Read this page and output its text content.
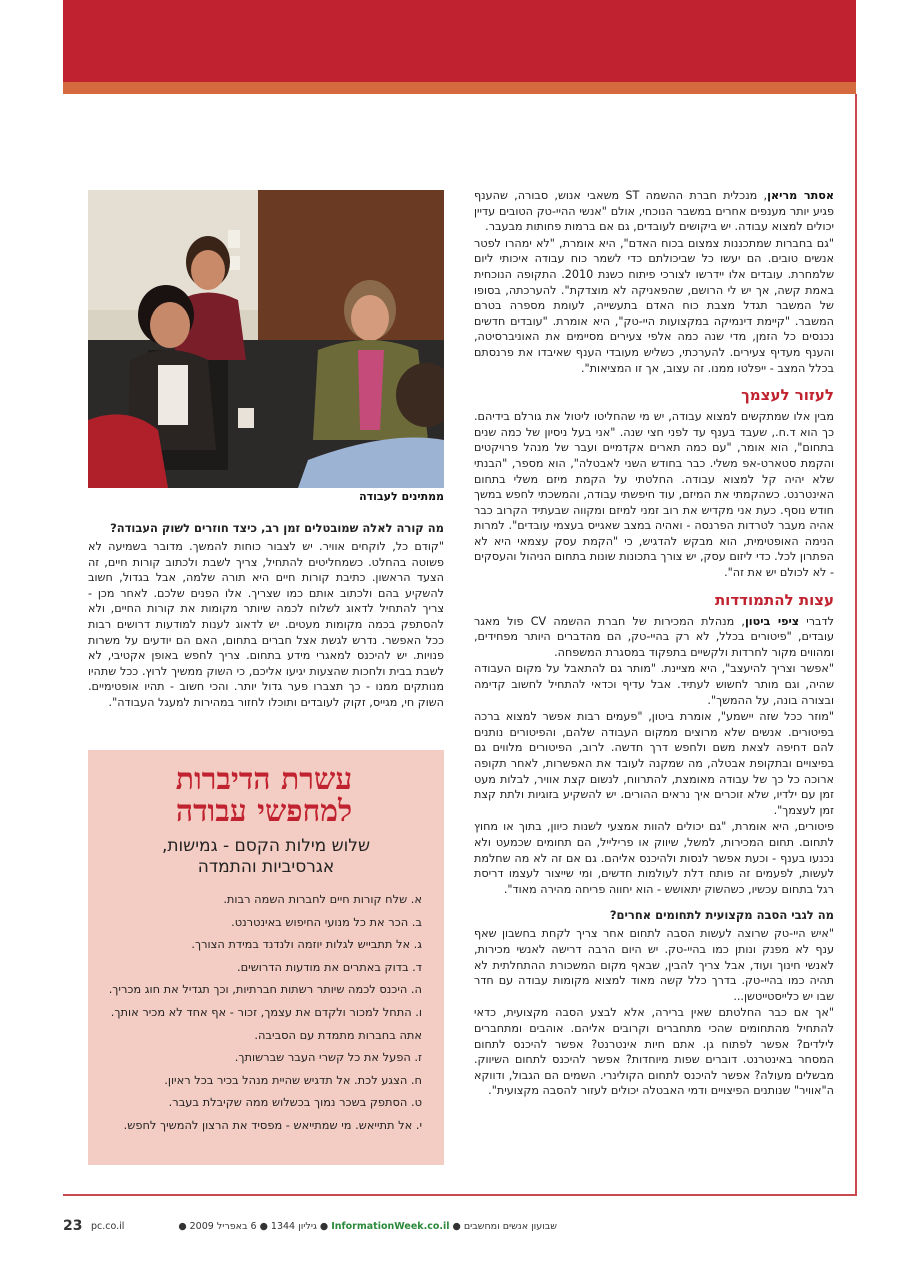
אסתר מריאן, מנכלית חברת ההשמה ST משאבי אנוש, סבורה, שהענף פגיע יותר מענפים אחרים במשבר הנוכחי, אולם "אנשי ההיי-טק הטובים עדיין יכולים למצוא עבודה. יש ביקושים לעובדים, גם אם ברמות פחותות מבעבר.

"גם בחברות שמתכננות צמצום בכוח האדם", היא אומרת, "לא ימהרו לפטר אנשים טובים. הם יעשו כל שביכולתם כדי לשמר כוח עבודה איכותי ליום שלמחרת. עובדים אלו יידרשו לצורכי פיתוח כשנת 2010. התקופה הנוכחית באמת קשה, אך יש לי הרושם, שהפאניקה לא מוצדקת". להערכתה, בסופו של המשבר תגדל מצבת כוח האדם בתעשייה, לעומת מספרה בטרם המשבר. "קיימת דינמיקה במקצועות היי-טק", היא אומרת. "עובדים חדשים נכנסים כל הזמן, מדי שנה כמה אלפי צעירים מסיימים את האוניברסיטה, והענף מעדיף צעירים. להערכתי, כשליש מעובדי הענף שאיבדו את פרנסתם בכלל המצב - ייפלטו ממנו. זה עצוב, אך זו המציאות".

לעזור לעצמך

מבין אלו שמתקשים למצוא עבודה, יש מי שהחליטו ליטול את גורלם בידיהם. כך הוא ד.ח., שעבד בענף עד לפני חצי שנה. "אני בעל ניסיון של כמה שנים בתחום", הוא אומר, "עם כמה תארים אקדמיים ועבר של מנהל פרויקטים והקמת סטארט-אפ משלי. כבר בחודש השני לאבטלה", הוא מספר, "הבנתי שלא יהיה קל למצוא עבודה. החלטתי על הקמת מיזם משלי בתחום האינטרנט. כשהקמתי את המיזם, עוד חיפשתי עבודה, והמשכתי לחפש במשך חודש נוסף. כעת אני מקדיש את רוב זמני למיזם ומקווה שבעתיד הקרוב כבר אהיה מעבר לטרדות הפרנסה - ואהיה במצב שאגייס בעצמי עובדים". למרות הנימה האופטימית, הוא מבקש להדגיש, כי "הקמת עסק עצמאי היא לא הפתרון לכל. כדי ליזום עסק, יש צורך בתכונות שונות בתחום הניהול והעסקים - לא לכולם יש את זה".

עצות להתמודדות

לדברי ציפי ביטון, מנהלת המכירות של חברת ההשמה CV פול מאגר עובדים, "פיטורים בכלל, לא רק בהיי-טק, הם מהדברים היותר מפחידים, ומהווים מקור לחרדות ולקשיים בתפקוד במסגרת המשפחה.

"אפשר וצריך להיעצב", היא מציינת. "מותר גם להתאבל על מקום העבודה שהיה, וגם מותר לחשוש לעתיד. אבל עדיף וכדאי להתחיל לחשוב קדימה ובצורה בונה, על ההמשך".

"מוזר ככל שזה יישמע", אומרת ביטון, "פעמים רבות אפשר למצוא ברכה בפיטורים. אנשים שלא מרוצים ממקום העבודה שלהם, והפיטורים נותנים להם דחיפה לצאת משם ולחפש דרך חדשה. לרוב, הפיטורים מלווים גם בפיצויים ובתקופת אבטלה, מה שמקנה לעובד את האפשרות, לאחר תקופה ארוכה כל כך של עבודה מאומצת, להתרווח, לנשום קצת אוויר, לבלות מעט זמן עם ילדיו, שלא זוכרים איך נראים ההורים. יש להשקיע בזוגיות ולתת קצת זמן לעצמך".

פיטורים, היא אומרת, "גם יכולים להוות אמצעי לשנות כיוון, בתוך או מחוץ לתחום. תחום המכירות, למשל, שיווק או פרילייל, הם תחומים שכמעט ולא נכנעו בענף - וכעת אפשר לנסות ולהיכנס אליהם. גם אם זה לא מה שחלמת לעשות, לפעמים זה פותח דלת לעולמות חדשים, ומי שייצור לעצמו דריסת רגל בתחום עכשיו, כשהשוק יתאושש - הוא יחווה פריחה מהירה מאוד".

מה לגבי הסבה מקצועית לתחומים אחרים?

"איש היי-טק שרוצה לעשות הסבה לתחום אחר צריך לקחת בחשבון שאף ענף לא מפנק ונותן כמו בהיי-טק. יש היום הרבה דרישה לאנשי מכירות, לאנשי חינוך ועוד, אבל צריך להבין, שבאף מקום המשכורת ההתחלתית לא תהיה כמו בהיי-טק. בדרך כלל קשה מאוד למצוא מקומות עבודה עם חדר שבו יש כלייסטייטשן...

"אך אם כבר החלטתם שאין ברירה, אלא לבצע הסבה מקצועית, כדאי להתחיל מהתחומים שהכי מתחברים וקרובים אליהם. אוהבים ומתחברים לילדים? אפשר לפתוח גן. אתם חיות אינטרנט? אפשר להיכנס לתחום המסחר באינטרנט. דוברים שפות מיוחדות? אפשר להיכנס לתחום השיווק. מבשלים מעולה? אפשר להיכנס לתחום הקולינרי. השמים הם הגבול, ודווקא ה"אוויר" שנותנים הפיצויים ודמי האבטלה יכולים לעזור להסבה מקצועית".

ממתינים לעבודה
מה קורה לאלה שמובטלים זמן רב, כיצד חוזרים לשוק העבודה?

"קודם כל, לוקחים אוויר. יש לצבור כוחות להמשך. מדובר בשמיעה לא פשוטה בהחלט. כשמחליטים להתחיל, צריך לשבת ולכתוב קורות חיים, זה הצעד הראשון. כתיבת קורות חיים היא תורה שלמה, אבל בגדול, חשוב להשקיע בהם ולכתוב אותם כמו שצריך. אלו הפנים שלכם. לאחר מכן - צריך להתחיל לדאוג לשלוח לכמה שיותר מקומות את קורות החיים, ולא להסתפק בכמה מקומות מעטים. יש לדאוג לענות למודעות דרושים רבות ככל האפשר. נדרש לגשת אצל חברים בתחום, האם הם יודעים על משרות פנויות. יש להיכנס למאגרי מידע בתחום. צריך לחפש באופן אקטיבי, לא לשבת בבית ולחכות שהצעות יגיעו אליכם, כי השוק ממשיך לרוץ. ככל שתהיו מנותקים ממנו - כך תצברו פער גדול יותר. והכי חשוב - תהיו אופטימיים. השוק חי, מגייס, זקוק לעובדים ותוכלו לחזור במהירות למעגל העבודה".

עשרת הדיברות
למחפשי עבודה
שלוש מילות הקסם - גמישות,
אגרסיביות והתמדה
א. שלח קורות חיים לחברות השמה רבות.
ב. הכר את כל מנועי החיפוש באינטרנט.
ג. אל תתבייש לגלות יוזמה ולנדנד במידת הצורך.
ד. בדוק באתרים את מודעות הדרושים.
ה. היכנס לכמה שיותר רשתות חברתיות, וכך תגדיל את חוג מכריך.
ו. התחל למכור ולקדם את עצמך, זכור - אף אחד לא מכיר אותך.
אתה בחברות מתמדת עם הסביבה.
ז. הפעל את כל קשרי העבר שברשותך.
ח. הצגע לכת. אל תדגיש שהיית מנהל בכיר בכל ראיון.
ט. הסתפק בשכר נמוך בכשלוש ממה שקיבלת בעבר.
י. אל תתייאש. מי שמתייאש - מפסיד את הרצון להמשיך לחפש.
23 pc.co.il	שבועון אנשים ומחשבים ● InformationWeek.co.il ● גיליון 1344 ● 6 באפריל 2009 ●
